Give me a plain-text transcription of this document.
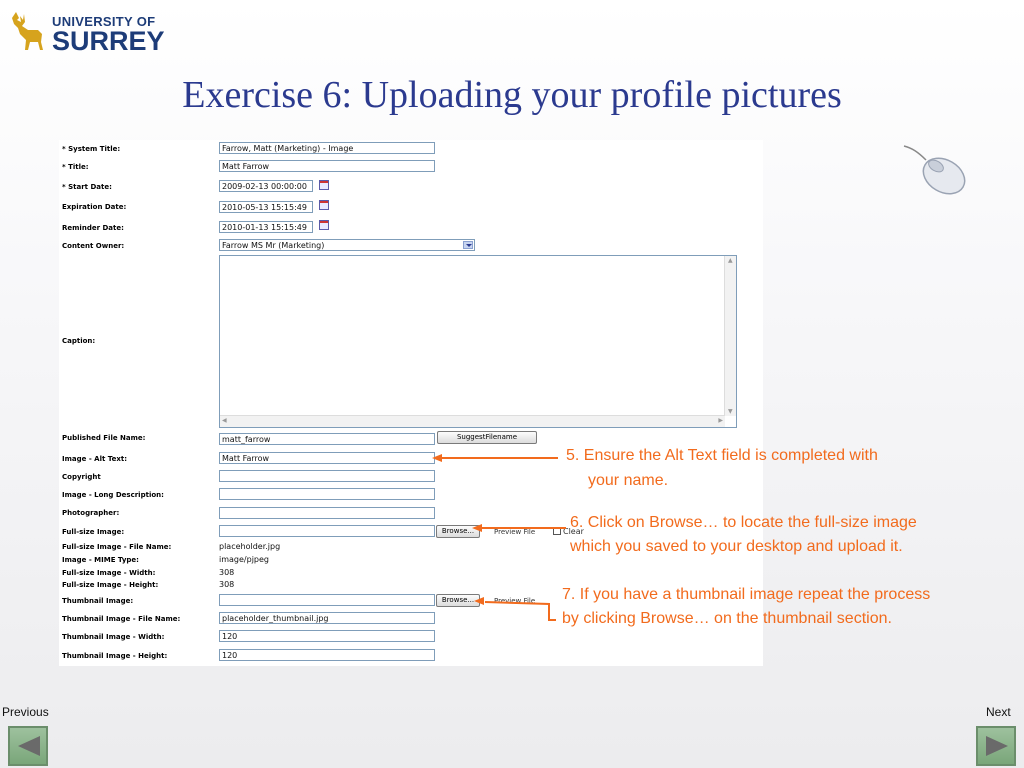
UNIVERSITY OF
SURREY
Exercise 6: Uploading your profile pictures
* System Title:	Farrow, Matt (Marketing) - Image
* Title:	Matt Farrow
* Start Date:	2009-02-13 00:00:00
Expiration Date:	2010-05-13 15:15:49
Reminder Date:	2010-01-13 15:15:49
Content Owner:	Farrow MS Mr (Marketing)
Caption:
▲
▼
◀	▶
Published File Name:	matt_farrow	SuggestFilename
Image - Alt Text:	Matt Farrow
Copyright
Image - Long Description:
Photographer:
Full-size Image:	Browse...	Preview File	Clear
Full-size Image - File Name:	placeholder.jpg
Image - MIME Type:	image/pjpeg
Full-size Image - Width:	308
Full-size Image - Height:	308
Thumbnail Image:	Browse...	Preview File
Thumbnail Image - File Name:	placeholder_thumbnail.jpg
Thumbnail Image - Width:	120
Thumbnail Image - Height:	120
5. Ensure the Alt Text field is completed with
your name.
6. Click on Browse… to locate the full-size image
which you saved to your desktop and upload it.
7. If you have a thumbnail image repeat the process
by clicking Browse… on the thumbnail section.
Previous	Next
